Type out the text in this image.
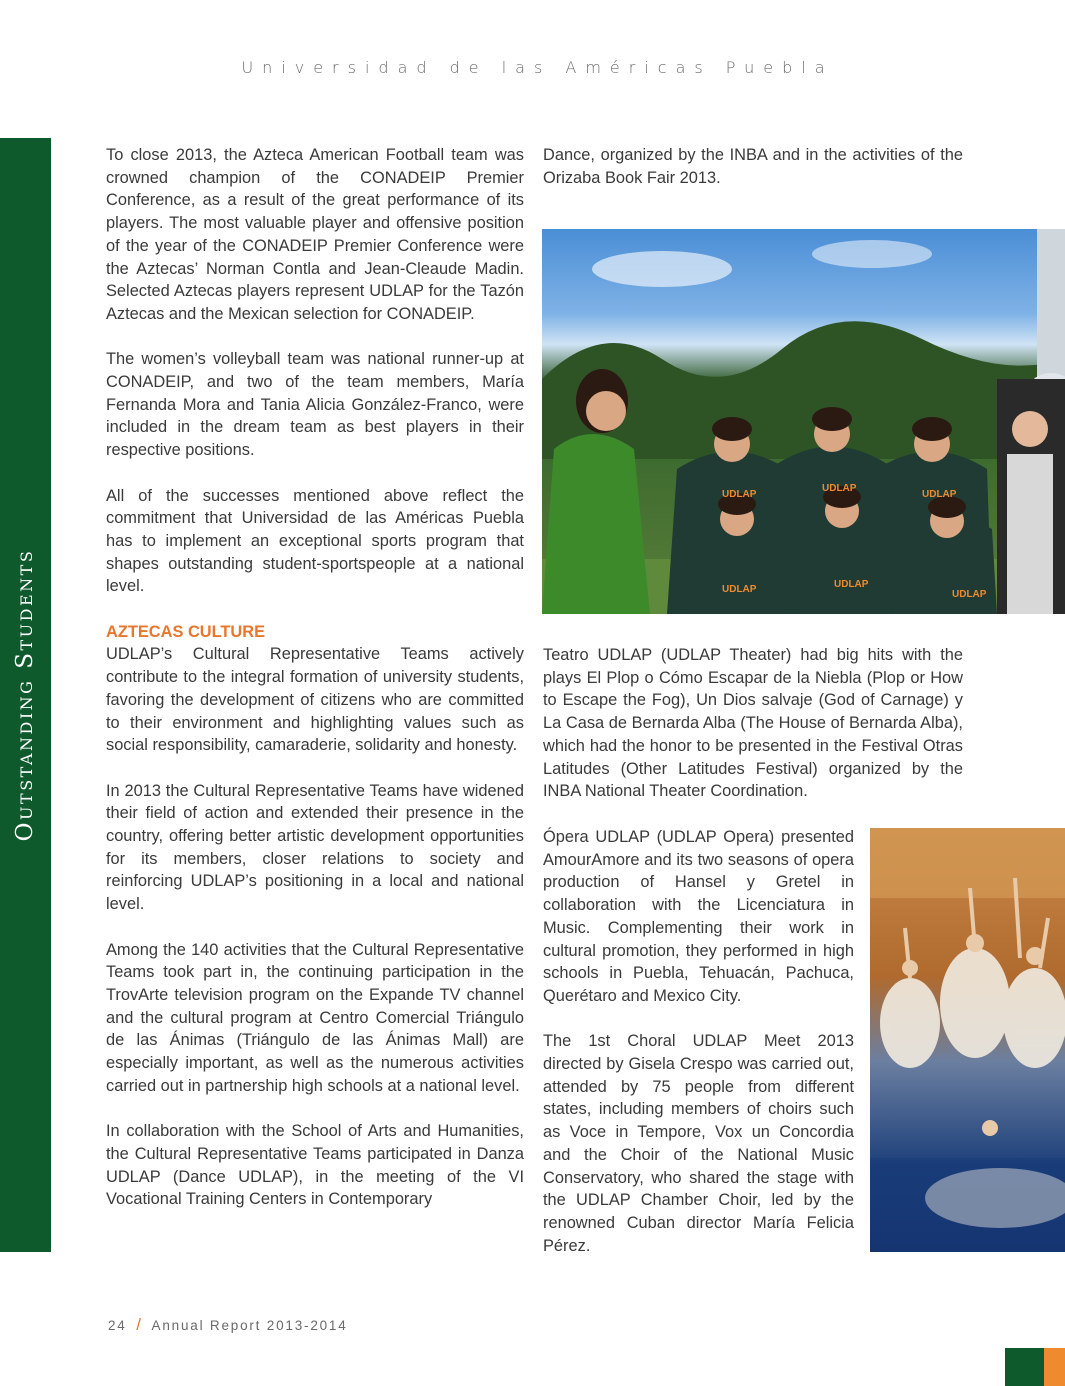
Universidad de las Américas Puebla
Outstanding Students

To close 2013, the Azteca American Football team was crowned champion of the CONADEIP Premier Conference, as a result of the great performance of its players. The most valuable player and offensive position of the year of the CONADEIP Premier Conference were the Aztecas’ Norman Contla and Jean-Cleaude Madin. Selected Aztecas players represent UDLAP for the Tazón Aztecas and the Mexican selection for CONADEIP.

The women’s volleyball team was national runner-up at CONADEIP, and two of the team members, María Fernanda Mora and Tania Alicia González-Franco, were included in the dream team as best players in their respective positions.

All of the successes mentioned above reflect the commitment that Universidad de las Américas Puebla has to implement an exceptional sports program that shapes outstanding student-sportspeople at a national level.

AZTECAS CULTURE

UDLAP’s Cultural Representative Teams actively contribute to the integral formation of university students, favoring the development of citizens who are committed to their environment and highlighting values such as social responsibility, camaraderie, solidarity and honesty.

In 2013 the Cultural Representative Teams have widened their field of action and extended their presence in the country, offering better artistic development opportunities for its members, closer relations to society and reinforcing UDLAP’s positioning in a local and national level.

Among the 140 activities that the Cultural Representative Teams took part in, the continuing participation in the TrovArte television program on the Expande TV channel and the cultural program at Centro Comercial Triángulo de las Ánimas (Triángulo de las Ánimas Mall) are especially important, as well as the numerous activities carried out in partnership high schools at a national level.

In collaboration with the School of Arts and Humanities, the Cultural Representative Teams participated in Danza UDLAP (Dance UDLAP), in the meeting of the VI Vocational Training Centers in Contemporary

Dance, organized by the INBA and in the activities of the Orizaba Book Fair 2013.

UDLAP
UDLAP
UDLAP
UDLAP	UDLAP
UDLAP

Teatro UDLAP (UDLAP Theater) had big hits with the plays El Plop o Cómo Escapar de la Niebla (Plop or How to Escape the Fog), Un Dios salvaje (God of Carnage) y La Casa de Bernarda Alba (The House of Bernarda Alba), which had the honor to be presented in the Festival Otras Latitudes (Other Latitudes Festival) organized by the INBA National Theater Coordination.

Ópera UDLAP (UDLAP Opera) presented AmourAmore and its two seasons of opera production of Hansel y Gretel in collaboration with the Licenciatura in Music. Complementing their work in cultural promotion, they performed in high schools in Puebla, Tehuacán, Pachuca, Querétaro and Mexico City.

The 1st Choral UDLAP Meet 2013 directed by Gisela Crespo was carried out, attended by 75 people from different states, including members of choirs such as Voce in Tempore, Vox un Concordia and the Choir of the National Music Conservatory, who shared the stage with the UDLAP Chamber Choir, led by the renowned Cuban director María Felicia Pérez.

24 / Annual Report 2013-2014
